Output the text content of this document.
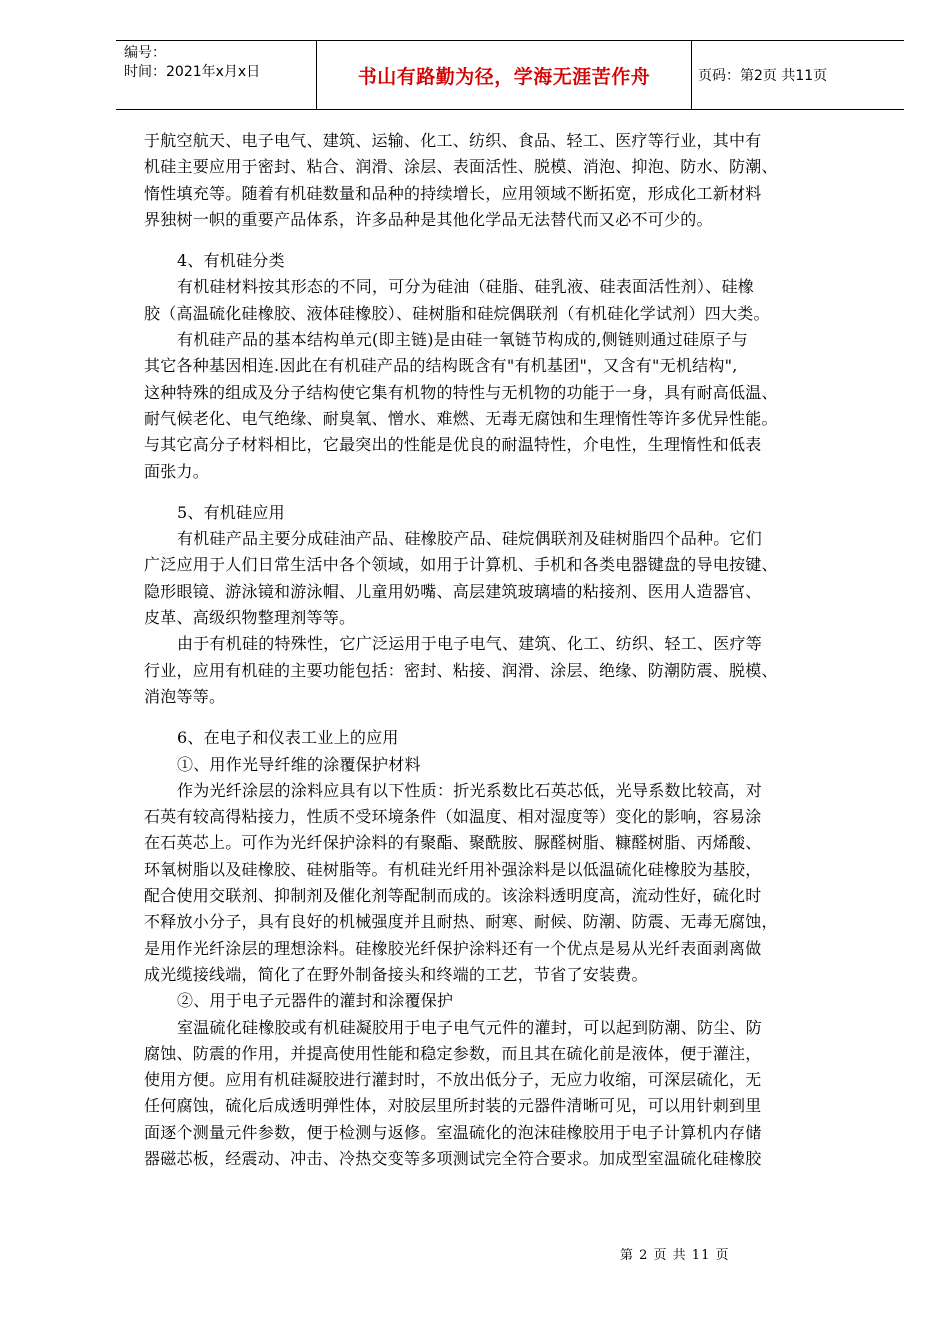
编号：
时间：2021年x月x日	书山有路勤为径，学海无涯苦作舟	页码：第2页 共11页
于航空航天、电子电气、建筑、运输、化工、纺织、食品、轻工、医疗等行业，其中有
机硅主要应用于密封、粘合、润滑、涂层、表面活性、脱模、消泡、抑泡、防水、防潮、
惰性填充等。随着有机硅数量和品种的持续增长，应用领域不断拓宽，形成化工新材料
界独树一帜的重要产品体系，许多品种是其他化学品无法替代而又必不可少的。
4、有机硅分类
有机硅材料按其形态的不同，可分为硅油（硅脂、硅乳液、硅表面活性剂）、硅橡
胶（高温硫化硅橡胶、液体硅橡胶）、硅树脂和硅烷偶联剂（有机硅化学试剂）四大类。
有机硅产品的基本结构单元(即主链)是由硅一氧链节构成的,侧链则通过硅原子与
其它各种基因相连.因此在有机硅产品的结构既含有"有机基团"，又含有"无机结构",
这种特殊的组成及分子结构使它集有机物的特性与无机物的功能于一身，具有耐高低温、
耐气候老化、电气绝缘、耐臭氧、憎水、难燃、无毒无腐蚀和生理惰性等许多优异性能。
与其它高分子材料相比，它最突出的性能是优良的耐温特性，介电性，生理惰性和低表
面张力。
5、有机硅应用
有机硅产品主要分成硅油产品、硅橡胶产品、硅烷偶联剂及硅树脂四个品种。它们
广泛应用于人们日常生活中各个领域，如用于计算机、手机和各类电器键盘的导电按键、
隐形眼镜、游泳镜和游泳帽、儿童用奶嘴、高层建筑玻璃墙的粘接剂、医用人造器官、
皮革、高级织物整理剂等等。
由于有机硅的特殊性，它广泛运用于电子电气、建筑、化工、纺织、轻工、医疗等
行业，应用有机硅的主要功能包括：密封、粘接、润滑、涂层、绝缘、防潮防震、脱模、
消泡等等。
6、在电子和仪表工业上的应用
①、用作光导纤维的涂覆保护材料
作为光纤涂层的涂料应具有以下性质：折光系数比石英芯低，光导系数比较高，对
石英有较高得粘接力，性质不受环境条件（如温度、相对湿度等）变化的影响，容易涂
在石英芯上。可作为光纤保护涂料的有聚酯、聚酰胺、脲醛树脂、糠醛树脂、丙烯酸、
环氧树脂以及硅橡胶、硅树脂等。有机硅光纤用补强涂料是以低温硫化硅橡胶为基胶，
配合使用交联剂、抑制剂及催化剂等配制而成的。该涂料透明度高，流动性好，硫化时
不释放小分子，具有良好的机械强度并且耐热、耐寒、耐候、防潮、防震、无毒无腐蚀，
是用作光纤涂层的理想涂料。硅橡胶光纤保护涂料还有一个优点是易从光纤表面剥离做
成光缆接线端，简化了在野外制备接头和终端的工艺，节省了安装费。
②、用于电子元器件的灌封和涂覆保护
室温硫化硅橡胶或有机硅凝胶用于电子电气元件的灌封，可以起到防潮、防尘、防
腐蚀、防震的作用，并提高使用性能和稳定参数，而且其在硫化前是液体，便于灌注，
使用方便。应用有机硅凝胶进行灌封时，不放出低分子，无应力收缩，可深层硫化，无
任何腐蚀，硫化后成透明弹性体，对胶层里所封装的元器件清晰可见，可以用针刺到里
面逐个测量元件参数，便于检测与返修。室温硫化的泡沫硅橡胶用于电子计算机内存储
器磁芯板，经震动、冲击、冷热交变等多项测试完全符合要求。加成型室温硫化硅橡胶
第 2 页 共 11 页
